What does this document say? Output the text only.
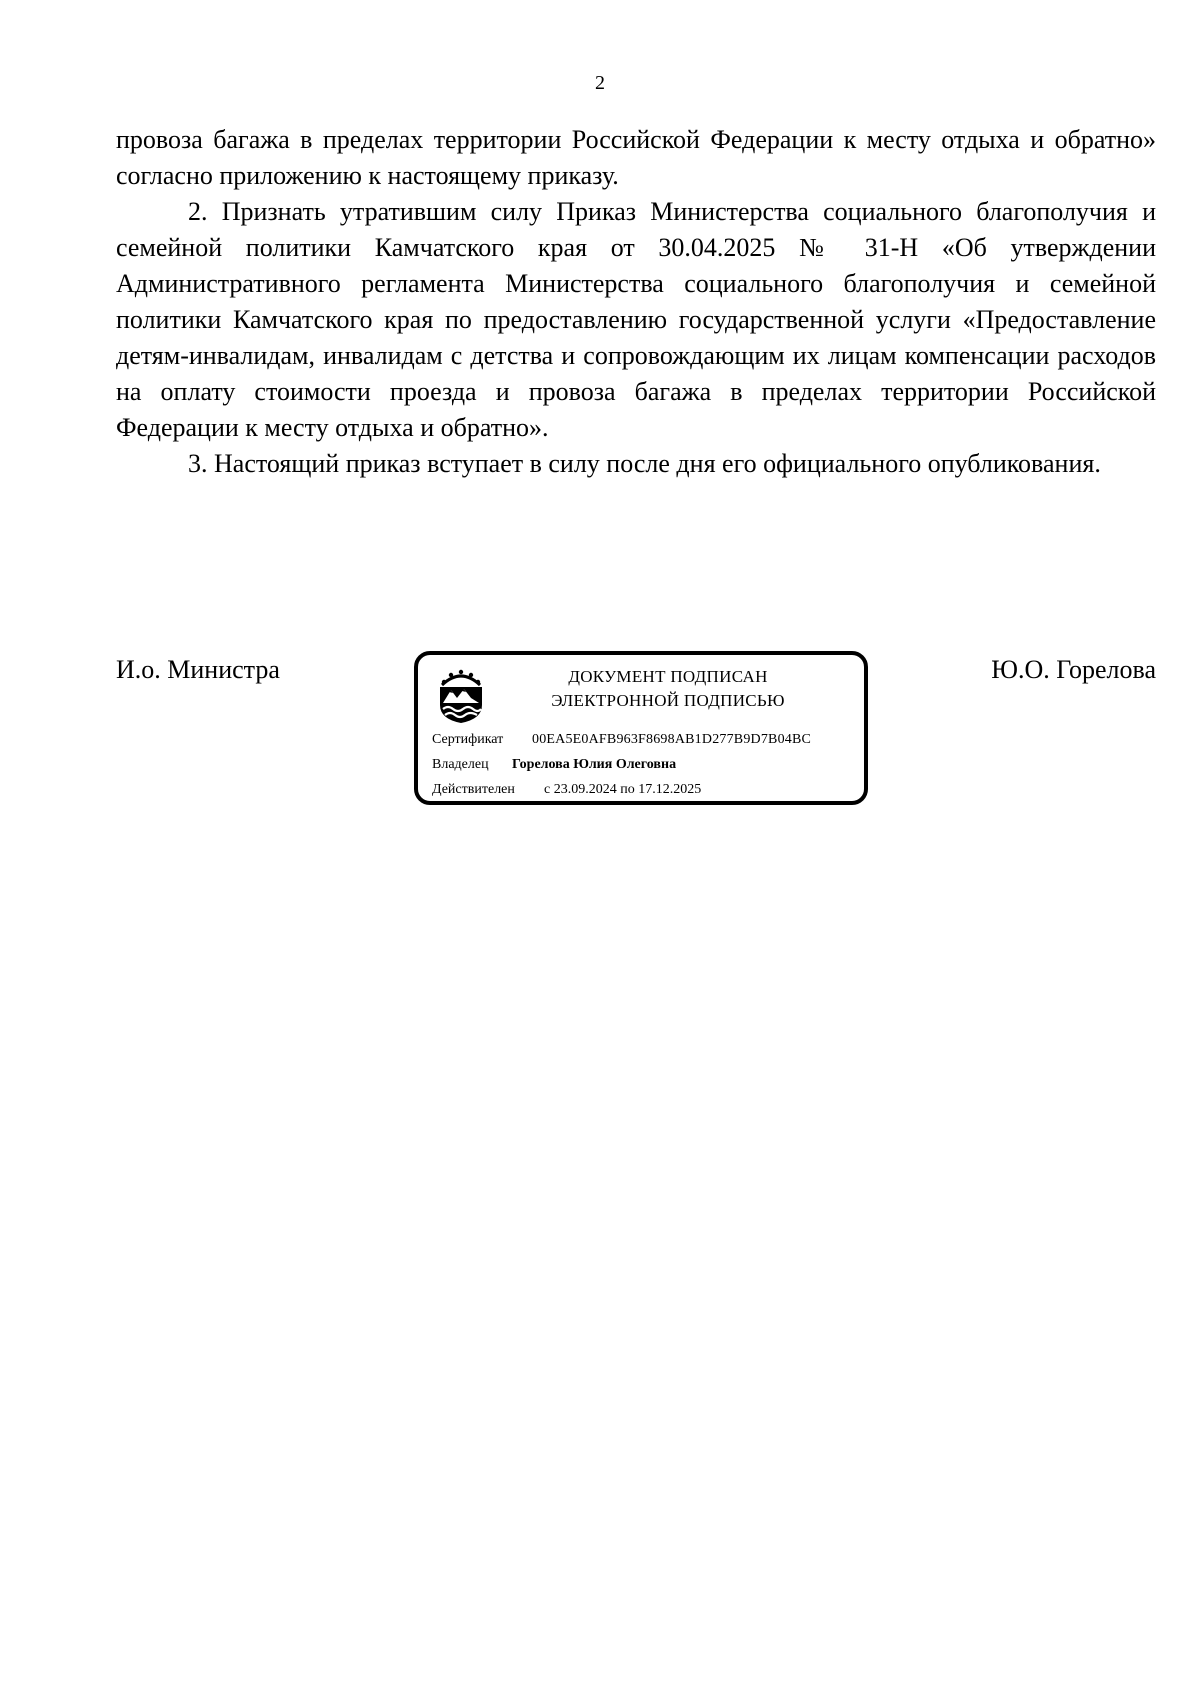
2

провоза багажа в пределах территории Российской Федерации к месту отдыха и обратно» согласно приложению к настоящему приказу.

2. Признать утратившим силу Приказ Министерства социального благополучия и семейной политики Камчатского края от 30.04.2025 № 31-Н «Об утверждении Административного регламента Министерства социального благополучия и семейной политики Камчатского края по предоставлению государственной услуги «Предоставление детям-инвалидам, инвалидам с детства и сопровождающим их лицам компенсации расходов на оплату стоимости проезда и провоза багажа в пределах территории Российской Федерации к месту отдыха и обратно».

3. Настоящий приказ вступает в силу после дня его официального опубликования.

И.о. Министра	ДОКУМЕНТ ПОДПИСАН
ЭЛЕКТРОННОЙ ПОДПИСЬЮ
Сертификат 00EA5E0AFB963F8698AB1D277B9D7B04BC
Владелец Горелова Юлия Олеговна
Действителен с 23.09.2024 по 17.12.2025
Ю.О. Горелова
